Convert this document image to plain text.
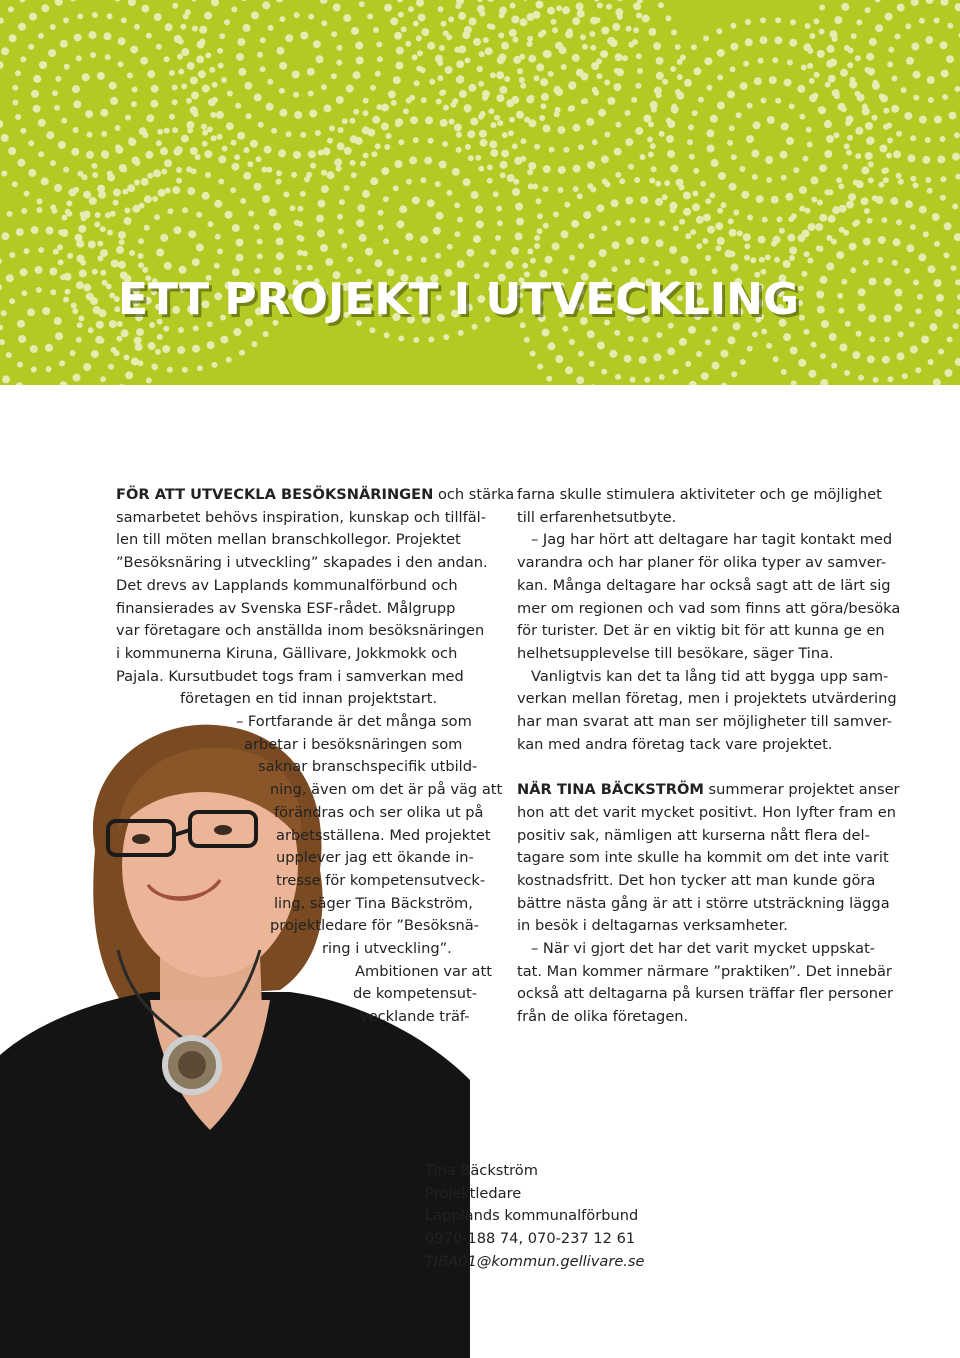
ETT PROJEKT I UTVECKLING
FÖR ATT UTVECKLA BESÖKSNÄRINGEN och stärka
samarbetet behövs inspiration, kunskap och tillfäl-
len till möten mellan branschkollegor. Projektet
”Besöksnäring i utveckling” skapades i den andan.
Det drevs av Lapplands kommunalförbund och
finansierades av Svenska ESF-rådet. Målgrupp
var företagare och anställda inom besöksnäringen
i kommunerna Kiruna, Gällivare, Jokkmokk och
Pajala. Kursutbudet togs fram i samverkan med
företagen en tid innan projektstart.
– Fortfarande är det många som
arbetar i besöksnäringen som
saknar branschspecifik utbild-
ning, även om det är på väg att
förändras och ser olika ut på
arbetsställena. Med projektet
upplever jag ett ökande in-
tresse för kompetensutveck-
ling, säger Tina Bäckström,
projektledare för ”Besöksnä-
ring i utveckling”.
Ambitionen var att
de kompetensut-
vecklande träf-
farna skulle stimulera aktiviteter och ge möjlighet
till erfarenhetsutbyte.
– Jag har hört att deltagare har tagit kontakt med
varandra och har planer för olika typer av samver-
kan. Många deltagare har också sagt att de lärt sig
mer om regionen och vad som finns att göra/besöka
för turister. Det är en viktig bit för att kunna ge en
helhetsupplevelse till besökare, säger Tina.
Vanligtvis kan det ta lång tid att bygga upp sam-
verkan mellan företag, men i projektets utvärdering
har man svarat att man ser möjligheter till samver-
kan med andra företag tack vare projektet.
NÄR TINA BÄCKSTRÖM summerar projektet anser
hon att det varit mycket positivt. Hon lyfter fram en
positiv sak, nämligen att kurserna nått flera del-
tagare som inte skulle ha kommit om det inte varit
kostnadsfritt. Det hon tycker att man kunde göra
bättre nästa gång är att i större utsträckning lägga
in besök i deltagarnas verksamheter.
– När vi gjort det har det varit mycket uppskat-
tat. Man kommer närmare ”praktiken”. Det innebär
också att deltagarna på kursen träffar fler personer
från de olika företagen.
Tina Bäckström
Projektledare
Lapplands kommunalförbund
0970-188 74, 070-237 12 61
TIBA01@kommun.gellivare.se
